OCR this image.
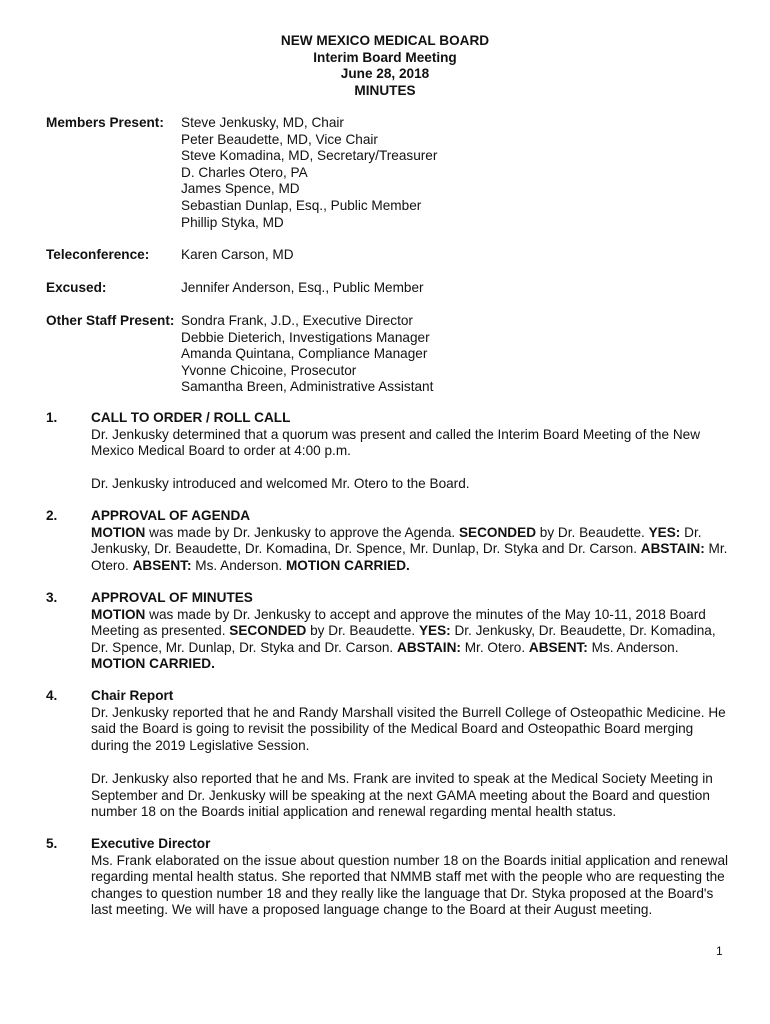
NEW MEXICO MEDICAL BOARD
Interim Board Meeting
June 28, 2018
MINUTES
Members Present: Steve Jenkusky, MD, Chair
Peter Beaudette, MD, Vice Chair
Steve Komadina, MD, Secretary/Treasurer
D. Charles Otero, PA
James Spence, MD
Sebastian Dunlap, Esq., Public Member
Phillip Styka, MD
Teleconference: Karen Carson, MD
Excused:	Jennifer Anderson, Esq., Public Member
Other Staff Present: Sondra Frank, J.D., Executive Director
Debbie Dieterich, Investigations Manager
Amanda Quintana, Compliance Manager
Yvonne Chicoine, Prosecutor
Samantha Breen, Administrative Assistant
1. CALL TO ORDER / ROLL CALL

Dr. Jenkusky determined that a quorum was present and called the Interim Board Meeting of the New Mexico Medical Board to order at 4:00 p.m.

Dr. Jenkusky introduced and welcomed Mr. Otero to the Board.

2. APPROVAL OF AGENDA

MOTION was made by Dr. Jenkusky to approve the Agenda. SECONDED by Dr. Beaudette. YES: Dr. Jenkusky, Dr. Beaudette, Dr. Komadina, Dr. Spence, Mr. Dunlap, Dr. Styka and Dr. Carson. ABSTAIN: Mr. Otero. ABSENT: Ms. Anderson. MOTION CARRIED.

3. APPROVAL OF MINUTES

MOTION was made by Dr. Jenkusky to accept and approve the minutes of the May 10-11, 2018 Board Meeting as presented. SECONDED by Dr. Beaudette. YES: Dr. Jenkusky, Dr. Beaudette, Dr. Komadina, Dr. Spence, Mr. Dunlap, Dr. Styka and Dr. Carson. ABSTAIN: Mr. Otero. ABSENT: Ms. Anderson. MOTION CARRIED.

4. Chair Report

Dr. Jenkusky reported that he and Randy Marshall visited the Burrell College of Osteopathic Medicine. He said the Board is going to revisit the possibility of the Medical Board and Osteopathic Board merging during the 2019 Legislative Session.

Dr. Jenkusky also reported that he and Ms. Frank are invited to speak at the Medical Society Meeting in September and Dr. Jenkusky will be speaking at the next GAMA meeting about the Board and question number 18 on the Boards initial application and renewal regarding mental health status.

5. Executive Director

Ms. Frank elaborated on the issue about question number 18 on the Boards initial application and renewal regarding mental health status. She reported that NMMB staff met with the people who are requesting the changes to question number 18 and they really like the language that Dr. Styka proposed at the Board's last meeting. We will have a proposed language change to the Board at their August meeting.

1
